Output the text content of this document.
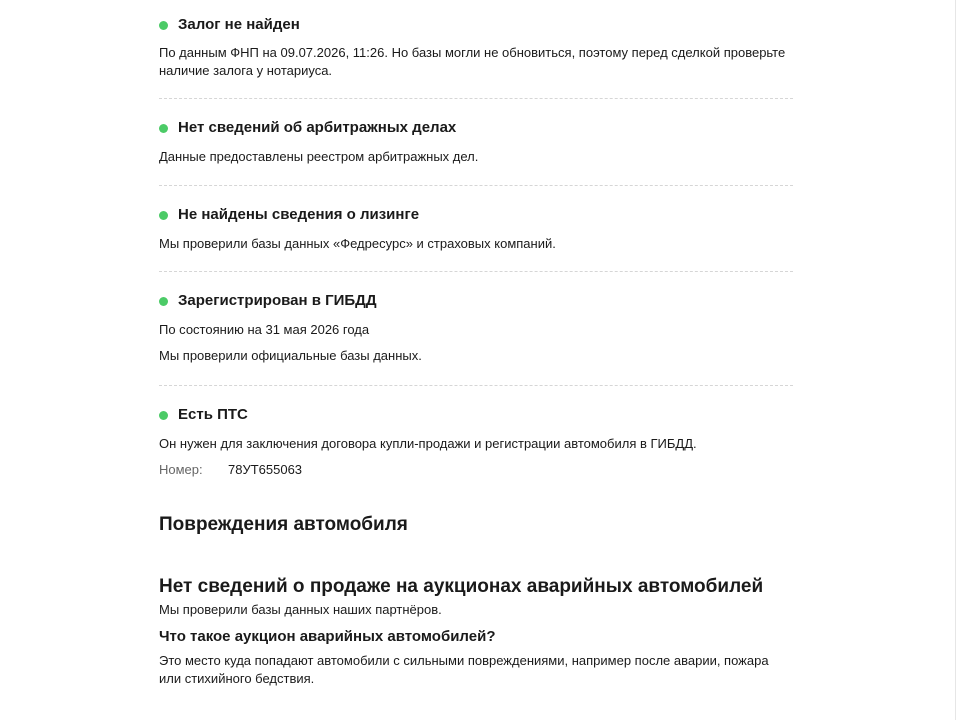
Залог не найден
По данным ФНП на 09.07.2026, 11:26. Но базы могли не обновиться, поэтому перед сделкой проверьте наличие залога у нотариуса.
Нет сведений об арбитражных делах
Данные предоставлены реестром арбитражных дел.
Не найдены сведения о лизинге
Мы проверили базы данных «Федресурс» и страховых компаний.
Зарегистрирован в ГИБДД
По состоянию на 31 мая 2026 года
Мы проверили официальные базы данных.
Есть ПТС
Он нужен для заключения договора купли-продажи и регистрации автомобиля в ГИБДД.
Номер:	78УТ655063
Повреждения автомобиля
Нет сведений о продаже на аукционах аварийных автомобилей
Мы проверили базы данных наших партнёров.
Что такое аукцион аварийных автомобилей?
Это место куда попадают автомобили с сильными повреждениями, например после аварии, пожара или стихийного бедствия.
